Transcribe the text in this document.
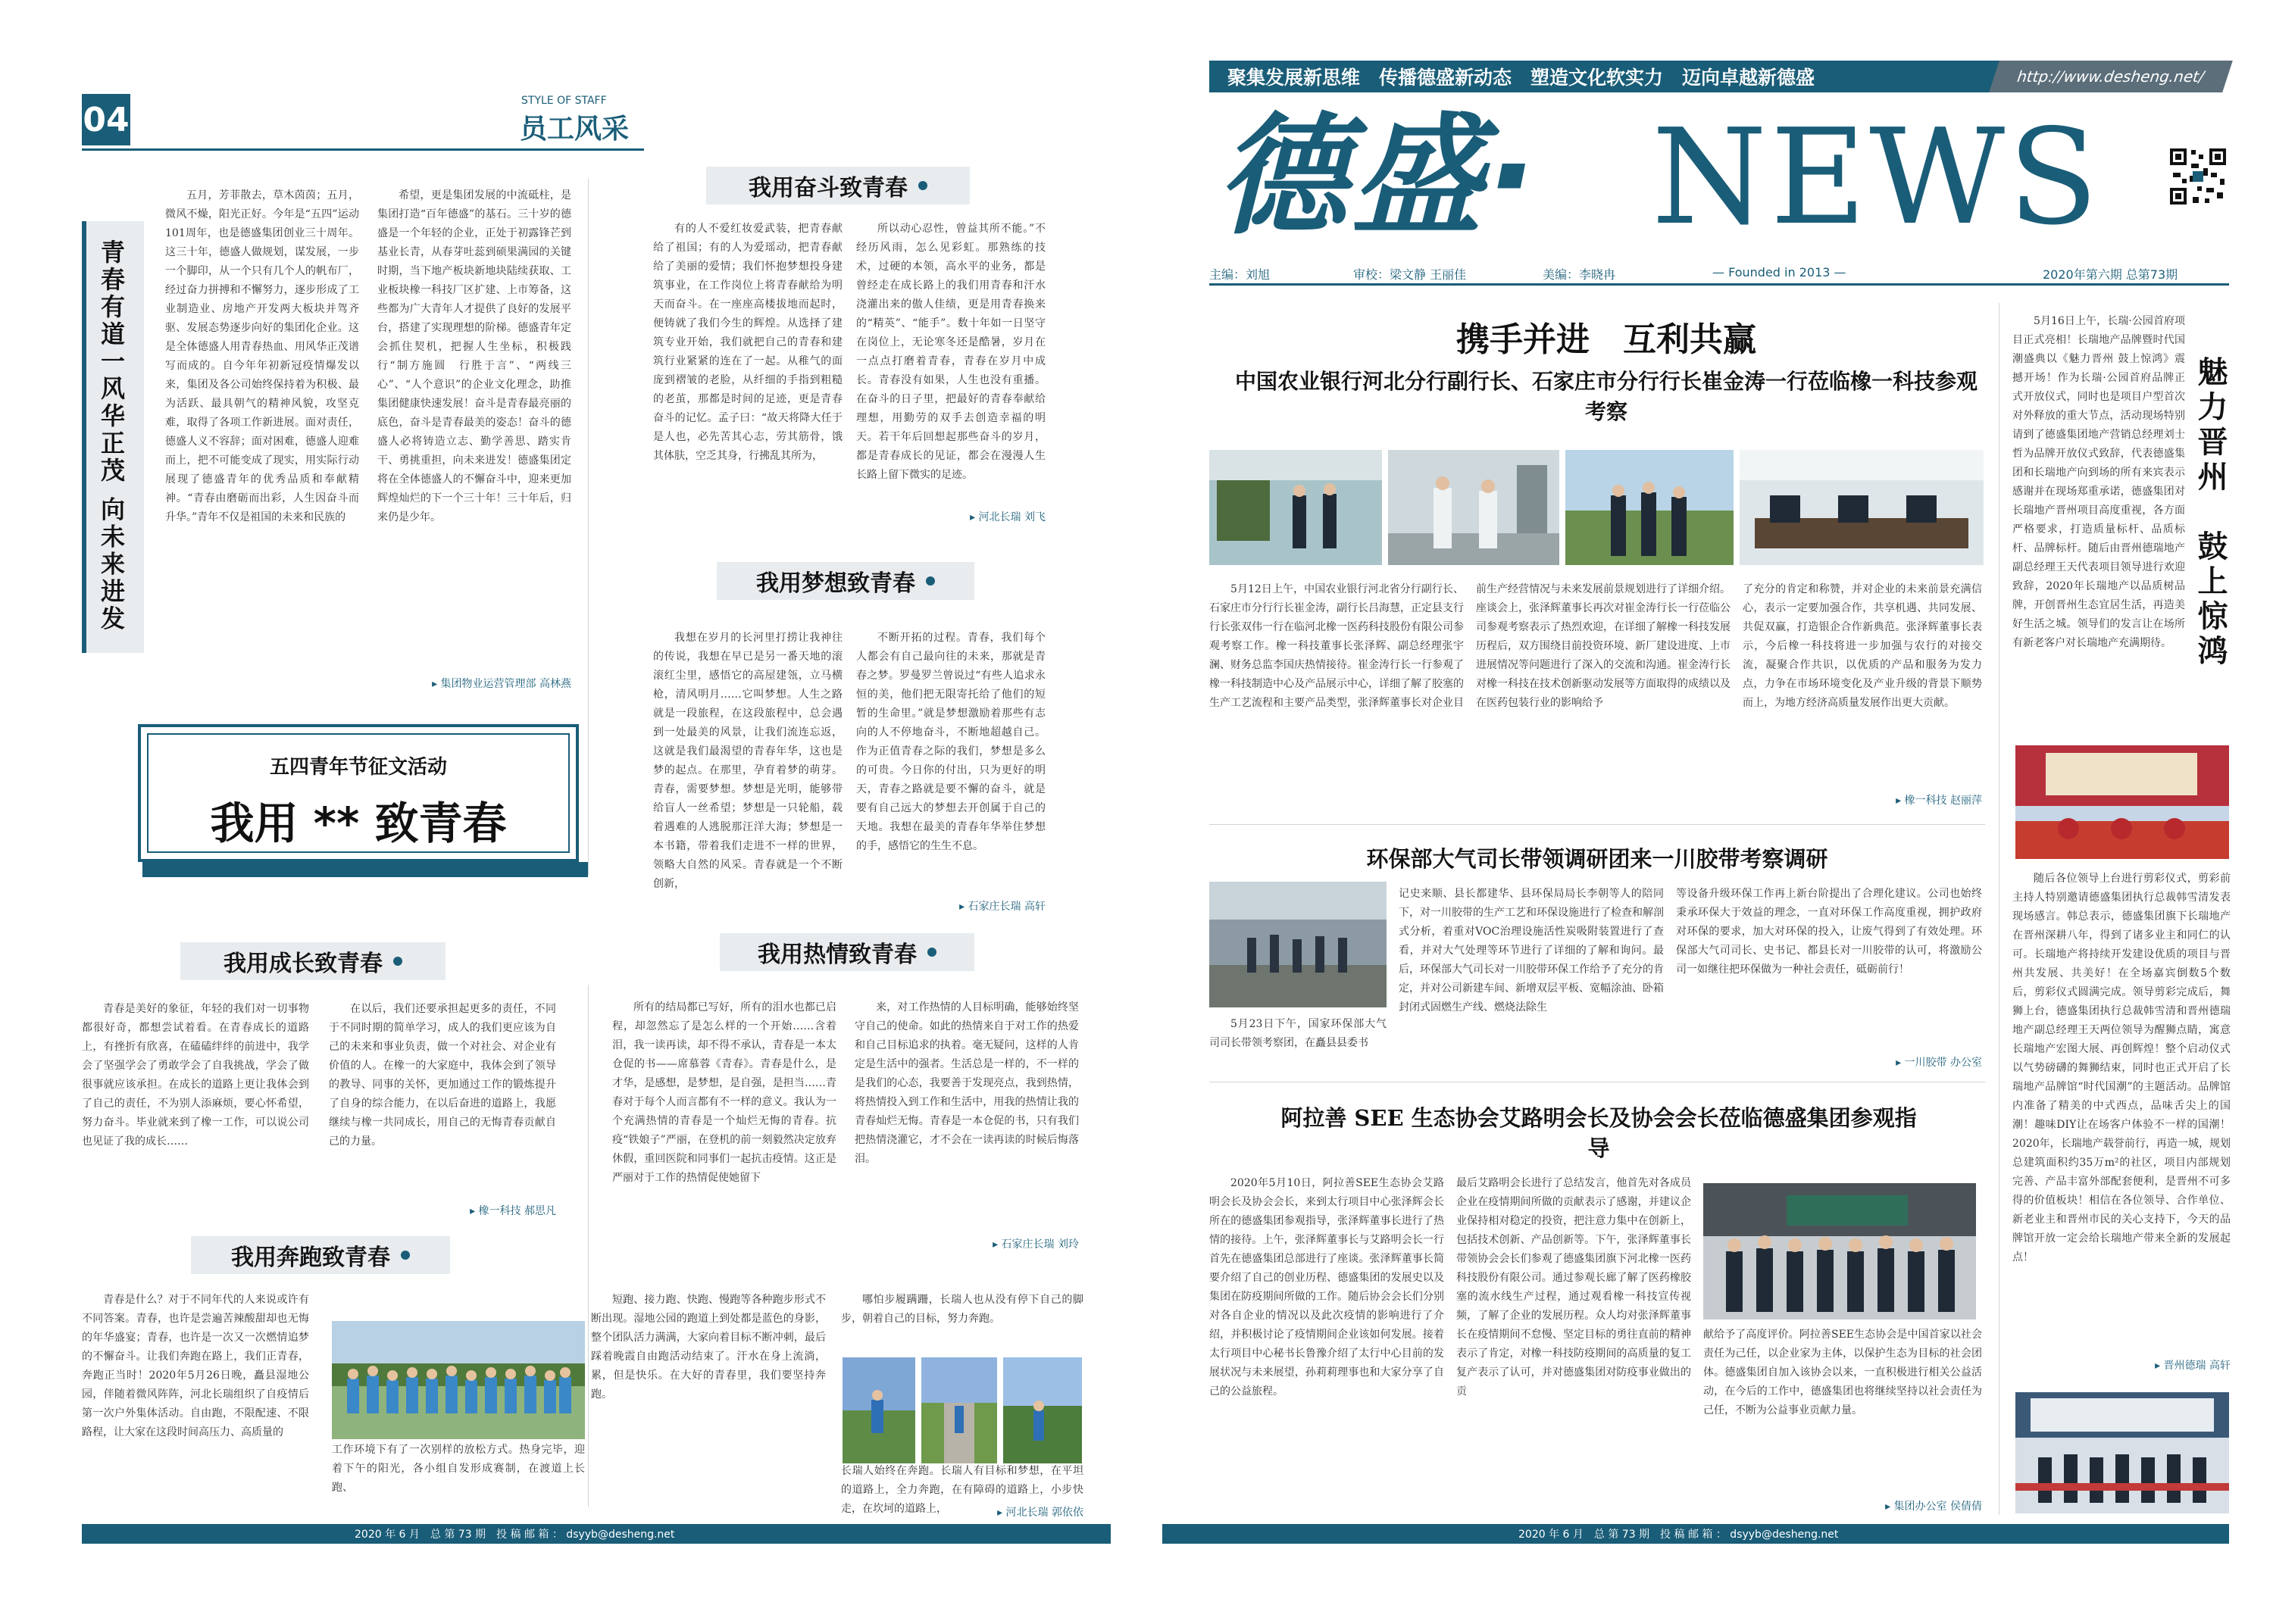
04	STYLE OF STAFF
员工风采
青春有道一风华正茂 向未来进发

五月，芳菲散去，草木茵茵；五月，微风不燥，阳光正好。今年是“五四”运动101周年，也是德盛集团创业三十周年。这三十年，德盛人做规划，谋发展，一步一个脚印，从一个只有几个人的帆布厂，经过奋力拼搏和不懈努力，逐步形成了工业制造业、房地产开发两大板块并驾齐驱、发展态势逐步向好的集团化企业。这是全体德盛人用青春热血、用风华正茂谱写而成的。自今年年初新冠疫情爆发以来，集团及各公司始终保持着为积极、最为活跃、最具朝气的精神风貌，攻坚克难，取得了各项工作新进展。面对责任，德盛人义不容辞；面对困难，德盛人迎难而上，把不可能变成了现实，用实际行动展现了德盛青年的优秀品质和奉献精神。“青春由磨砺而出彩，人生因奋斗而升华。”青年不仅是祖国的未来和民族的

希望，更是集团发展的中流砥柱，是集团打造“百年德盛”的基石。三十岁的德盛是一个年轻的企业，正处于初露锋芒到基业长青，从春芽吐蕊到硕果满园的关键时期，当下地产板块新地块陆续获取、工业板块橡一科技厂区扩建、上市筹备，这些都为广大青年人才提供了良好的发展平台，搭建了实现理想的阶梯。德盛青年定会抓住契机，把握人生坐标，积极践行“制方施圆　行胜于言”、“两线三心”、“人个意识”的企业文化理念，助推集团健康快速发展！奋斗是青春最亮丽的底色，奋斗是青春最美的姿态！奋斗的德盛人必将铸造立志、勤学善思、踏实肯干、勇挑重担，向未来进发！德盛集团定将在全体德盛人的不懈奋斗中，迎来更加辉煌灿烂的下一个三十年！三十年后，归来仍是少年。

▸ 集团物业运营管理部 高林燕
五四青年节征文活动
我用 ** 致青春
我用奋斗致青春

有的人不爱红妆爱武装，把青春献给了祖国；有的人为爱瑶动，把青春献给了美丽的爱情；我们怀抱梦想投身建筑事业，在工作岗位上将青春献给为明天而奋斗。在一座座高楼拔地而起时，便铸就了我们今生的辉煌。从选择了建筑专业开始，我们就把自己的青春和建筑行业紧紧的连在了一起。从稚气的面庞到褶皱的老脸，从纤细的手指到粗糙的老茧，那都是时间的足迹，更是青春奋斗的记忆。孟子曰：“故天将降大任于是人也，必先苦其心志，劳其筋骨，饿其体肤，空乏其身，行拂乱其所为，

所以动心忍性，曾益其所不能。”不经历风雨，怎么见彩虹。那熟练的技术，过硬的本领，高水平的业务，都是曾经走在成长路上的我们用青春和汗水浇灌出来的傲人佳绩，更是用青春换来的“精英”、“能手”。数十年如一日坚守在岗位上，无论寒冬还是酷暑，岁月在一点点打磨着青春，青春在岁月中成长。青春没有如果，人生也没有重播。在奋斗的日子里，把最好的青春奉献给理想，用勤劳的双手去创造幸福的明天。若干年后回想起那些奋斗的岁月，都是青春成长的见证，都会在漫漫人生长路上留下微实的足迹。

▸ 河北长瑞 刘飞
我用梦想致青春

我想在岁月的长河里打捞让我神往的传说，我想在早已是另一番天地的滚滚红尘里，感悟它的高屋建瓴，立马横枪，清风明月……它叫梦想。人生之路就是一段旅程，在这段旅程中，总会遇到一处最美的风景，让我们流连忘返，这就是我们最渴望的青春年华，这也是梦的起点。在那里，孕育着梦的萌芽。青春，需要梦想。梦想是光明，能够带给盲人一丝希望；梦想是一只轮船，载着遇难的人逃脱那汪洋大海；梦想是一本书籍，带着我们走进不一样的世界，领略大自然的风采。青春就是一个不断创新，

不断开拓的过程。青春，我们每个人都会有自己最向往的未来，那就是青春之梦。罗曼罗兰曾说过“有些人追求永恒的美，他们把无限寄托给了他们的短暂的生命里。”就是梦想激励着那些有志向的人不停地奋斗，不断地超越自己。作为正值青春之际的我们，梦想是多么的可贵。今日你的付出，只为更好的明天，青春之路就是要不懈的奋斗，就是要有自己远大的梦想去开创属于自己的天地。我想在最美的青春年华举住梦想的手，感悟它的生生不息。

▸ 石家庄长瑞 高轩
我用成长致青春

青春是美好的象征，年轻的我们对一切事物都很好奇，都想尝试着看。在青春成长的道路上，有挫折有欣喜，在磕磕绊绊的前进中，我学会了坚强学会了勇敢学会了自我挑战，学会了做很事就应该承担。在成长的道路上更让我体会到了自己的责任，不为别人添麻烦，要心怀希望，努力奋斗。毕业就来到了橡一工作，可以说公司也见证了我的成长……

在以后，我们还要承担起更多的责任，不同于不同时期的简单学习，成人的我们更应该为自己的未来和事业负责，做一个对社会、对企业有价值的人。在橡一的大家庭中，我体会到了领导的教导、同事的关怀，更加通过工作的锻炼提升了自身的综合能力，在以后奋进的道路上，我愿继续与橡一共同成长，用自己的无悔青春贡献自己的力量。

▸ 橡一科技 郝思凡
我用热情致青春

所有的结局都已写好，所有的泪水也都已启程，却忽然忘了是怎么样的一个开始……含着泪，我一读再读，却不得不承认，青春是一本太仓促的书——席慕蓉《青春》。青春是什么，是才华，是感想，是梦想，是自强，是担当……青春对于每个人而言都有不一样的意义。我认为一个充满热情的青春是一个灿烂无悔的青春。抗疫“铁娘子”严丽，在登机的前一刻毅然决定放弃休假，重回医院和同事们一起抗击疫情。这正是严丽对于工作的热情促使她留下

来，对工作热情的人目标明确，能够始终坚守自己的使命。如此的热情来自于对工作的热爱和自己目标追求的执着。毫无疑问，这样的人肯定是生活中的强者。生活总是一样的，不一样的是我们的心态，我要善于发现亮点，我到热情，将热情投入到工作和生活中，用我的热情让我的青春灿烂无悔。青春是一本仓促的书，只有我们把热情浇灌它，才不会在一读再读的时候后悔落泪。

▸ 石家庄长瑞 刘玲
我用奔跑致青春

青春是什么？对于不同年代的人来说或许有不同答案。青春，也许是尝遍苦辣酸甜却也无悔的年华盛宴；青春，也许是一次又一次燃情追梦的不懈奋斗。让我们奔跑在路上，我们正青春，奔跑正当时！2020年5月26日晚，矗县湿地公园，伴随着微风阵阵，河北长瑞组织了自疫情后第一次户外集体活动。自由跑，不限配速、不限路程，让大家在这段时间高压力、高质量的

工作环境下有了一次别样的放松方式。热身完毕，迎着下午的阳光，各小组自发形成赛制，在渡道上长跑、

短跑、接力跑、快跑、慢跑等各种跑步形式不断出现。湿地公园的跑道上到处都是蓝色的身影，整个团队活力满满，大家向着目标不断冲刺，最后踩着晚霞自由跑活动结束了。汗水在身上流淌，累，但是快乐。在大好的青春里，我们要坚持奔跑。

哪怕步履蹒跚，长瑞人也从没有停下自己的脚步，朝着自己的目标，努力奔跑。

长瑞人始终在奔跑。长瑞人有目标和梦想，在平坦的道路上，全力奔跑，在有障碍的道路上，小步快走，在坎坷的道路上，

▸	河北长瑞 郭依依
2020 年 6 月　总 第 73 期　投 稿 邮 箱 ： dsyyb@desheng.net
聚集发展新思维　传播德盛新动态　塑造文化软实力　迈向卓越新德盛	http://www.desheng.net/
德盛· NEWS
主编：刘旭	审校：梁文静 王丽佳	美编：李晓冉	— Founded in 2013 —	2020年第六期 总第73期
携手并进　互利共赢
中国农业银行河北分行副行长、石家庄市分行行长崔金涛一行莅临橡一科技参观考察

5月12日上午，中国农业银行河北省分行副行长、石家庄市分行行长崔金涛，副行长吕海慧，正定县支行行长张双伟一行在临河北橡一医药科技股份有限公司参观考察工作。橡一科技董事长张泽辉、副总经理张宇澜、财务总监李国庆热情接待。崔金涛行长一行参观了橡一科技制造中心及产品展示中心，详细了解了胶塞的生产工艺流程和主要产品类型，张泽辉董事长对企业目

前生产经营情况与未来发展前景规划进行了详细介绍。座谈会上，张泽辉董事长再次对崔金涛行长一行莅临公司参观考察表示了热烈欢迎，在详细了解橡一科技发展历程后，双方围绕目前投资环境、新厂建设进度、上市进展情况等问题进行了深入的交流和沟通。崔金涛行长对橡一科技在技术创新驱动发展等方面取得的成绩以及在医药包装行业的影响给予

了充分的肯定和称赞，并对企业的未来前景充满信心，表示一定要加强合作，共享机遇、共同发展、共促双赢，打造银企合作新典范。张泽辉董事长表示，今后橡一科技将进一步加强与农行的对接交流，凝聚合作共识，以优质的产品和服务为发力点，力争在市场环境变化及产业升级的背景下顺势而上，为地方经济高质量发展作出更大贡献。

▸ 橡一科技 赵丽萍
环保部大气司长带领调研团来一川胶带考察调研

5月23日下午，国家环保部大气司司长带领考察团，在矗县县委书

记史来顺、县长都建华、县环保局局长李朝等人的陪同下，对一川胶带的生产工艺和环保设施进行了检查和解剖式分析，着重对VOC治理设施活性炭吸附装置进行了查看，并对大气处理等环节进行了详细的了解和询问。最后，环保部大气司长对一川胶带环保工作给予了充分的肯定，并对公司新建车间、新增双层平板、宽幅涂油、卧箱封闭式固燃生产线、燃烧法除生

等设备升级环保工作再上新台阶提出了合理化建议。公司也始终秉承环保大于效益的理念，一直对环保工作高度重视，拥护政府对环保的要求，加大对环保的投入，让废气得到了有效处理。环保部大气司司长、史书记、都县长对一川胶带的认可，将激励公司一如继往把环保做为一种社会责任，砥砺前行！

▸ 一川胶带 办公室
阿拉善 SEE 生态协会艾路明会长及协会会长莅临德盛集团参观指导

2020年5月10日，阿拉善SEE生态协会艾路明会长及协会会长，来到太行项目中心张泽辉会长所在的德盛集团参观指导，张泽辉董事长进行了热情的接待。上午，张泽辉董事长与艾路明会长一行首先在德盛集团总部进行了座谈。张泽辉董事长简要介绍了自己的创业历程、德盛集团的发展史以及集团在防疫期间所做的工作。随后协会会长们分别对各自企业的情况以及此次疫情的影响进行了介绍，并积极讨论了疫情期间企业该如何发展。接着太行项目中心秘书长鲁豫介绍了太行中心目前的发展状况与未来展望，孙莉莉理事也和大家分享了自己的公益旅程。

最后艾路明会长进行了总结发言，他首先对各成员企业在疫情期间所做的贡献表示了感谢，并建议企业保持相对稳定的投资，把注意力集中在创新上，包括技术创新、产品创新等。下午，张泽辉董事长带领协会会长们参观了德盛集团旗下河北橡一医药科技股份有限公司。通过参观长廊了解了医药橡胶塞的流水线生产过程，通过观看橡一科技宣传视频，了解了企业的发展历程。众人均对张泽辉董事长在疫情期间不怠慢、坚定目标的勇往直前的精神表示了肯定，对橡一科技防疫期间的高质量的复工复产表示了认可，并对德盛集团对防疫事业做出的贡

献给予了高度评价。阿拉善SEE生态协会是中国首家以社会责任为己任，以企业家为主体，以保护生态为目标的社会团体。德盛集团自加入该协会以来，一直积极进行相关公益活动，在今后的工作中，德盛集团也将继续坚持以社会责任为己任，不断为公益事业贡献力量。

▸ 集团办公室 侯倩倩

5月16日上午，长瑞·公园首府项目正式亮相！长瑞地产品牌暨时代国潮盛典以《魅力晋州 鼓上惊鸿》震撼开场！作为长瑞·公园首府品牌正式开放仪式，同时也是项目户型首次对外释放的重大节点，活动现场特别请到了德盛集团地产营销总经理刘士哲为品牌开放仪式致辞，代表德盛集团和长瑞地产向到场的所有来宾表示感谢并在现场郑重承诺，德盛集团对长瑞地产晋州项目高度重视，各方面严格要求，打造质量标杆、品质标杆、品牌标杆。随后由晋州德瑞地产副总经理王天代表项目领导进行欢迎致辞，2020年长瑞地产以品质树品牌，开创晋州生态宜居生活，再造美好生活之城。领导们的发言让在场所有新老客户对长瑞地产充满期待。 魅力晋州　鼓上惊鸿

随后各位领导上台进行剪彩仪式，剪彩前主持人特别邀请德盛集团执行总裁韩雪清发表现场感言。韩总表示，德盛集团旗下长瑞地产在晋州深耕八年，得到了诸多业主和同仁的认可。长瑞地产将持续开发建设优质的项目与晋州共发展、共美好！在全场嘉宾倒数5个数后，剪彩仪式圆满完成。领导剪彩完成后，舞狮上台，德盛集团执行总裁韩雪清和晋州德瑞地产副总经理王天两位领导为醒狮点睛，寓意长瑞地产宏图大展、再创辉煌！整个启动仪式以气势磅礴的舞狮结束，同时也正式开启了长瑞地产品牌馆“时代国潮”的主题活动。品牌馆内准备了精美的中式西点，品味舌尖上的国潮！趣味DIY让在场客户体验不一样的国潮！2020年，长瑞地产载誉前行，再造一城，规划总建筑面积约35万m²的社区，项目内部规划完善、产品丰富外部配套便利，是晋州不可多得的价值板块！相信在各位领导、合作单位、新老业主和晋州市民的关心支持下，今天的品牌馆开放一定会给长瑞地产带来全新的发展起点！

▸ 晋州德瑞 高轩
2020 年 6 月　总 第 73 期　投 稿 邮 箱 ： dsyyb@desheng.net
